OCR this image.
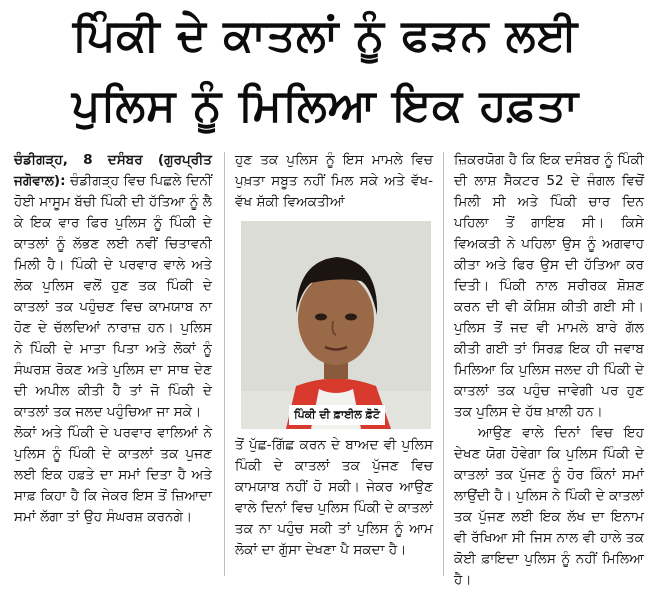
ਪਿੰਕੀ ਦੇ ਕਾਤਲਾਂ ਨੂੰ ਫੜਨ ਲਈ
ਪੁਲਿਸ ਨੂੰ ਮਿਲਿਆ ਇਕ ਹਫ਼ਤਾ

ਚੰਡੀਗੜ੍ਹ, 8 ਦਸੰਬਰ (ਗੁਰਪ੍ਰੀਤ ਜਗੋਵਾਲ): ਚੰਡੀਗੜ੍ਹ ਵਿਚ ਪਿਛਲੇ ਦਿਨੀਂ ਹੋਈ ਮਾਸੂਮ ਬੱਚੀ ਪਿੰਕੀ ਦੀ ਹੱਤਿਆ ਨੂੰ ਲੈ ਕੇ ਇਕ ਵਾਰ ਫਿਰ ਪੁਲਿਸ ਨੂੰ ਪਿੰਕੀ ਦੇ ਕਾਤਲਾਂ ਨੂੰ ਲੱਭਣ ਲਈ ਨਵੀਂ ਚਿਤਾਵਨੀ ਮਿਲੀ ਹੈ। ਪਿੰਕੀ ਦੇ ਪਰਵਾਰ ਵਾਲੇ ਅਤੇ ਲੋਕ ਪੁਲਿਸ ਵਲੋਂ ਹੁਣ ਤਕ ਪਿੰਕੀ ਦੇ ਕਾਤਲਾਂ ਤਕ ਪਹੁੰਚਣ ਵਿਚ ਕਾਮਯਾਬ ਨਾ ਹੋਣ ਦੇ ਚੱਲਦਿਆਂ ਨਾਰਾਜ਼ ਹਨ। ਪੁਲਿਸ ਨੇ ਪਿੰਕੀ ਦੇ ਮਾਤਾ ਪਿਤਾ ਅਤੇ ਲੋਕਾਂ ਨੂੰ ਸੰਘਰਸ਼ ਰੋਕਣ ਅਤੇ ਪੁਲਿਸ ਦਾ ਸਾਥ ਦੇਣ ਦੀ ਅਪੀਲ ਕੀਤੀ ਹੈ ਤਾਂ ਜੋ ਪਿੰਕੀ ਦੇ ਕਾਤਲਾਂ ਤਕ ਜਲਦ ਪਹੁੰਚਿਆ ਜਾ ਸਕੇ।

ਲੋਕਾਂ ਅਤੇ ਪਿੰਕੀ ਦੇ ਪਰਵਾਰ ਵਾਲਿਆਂ ਨੇ ਪੁਲਿਸ ਨੂੰ ਪਿੰਕੀ ਦੇ ਕਾਤਲਾਂ ਤਕ ਪੁਜਣ ਲਈ ਇਕ ਹਫ਼ਤੇ ਦਾ ਸਮਾਂ ਦਿਤਾ ਹੈ ਅਤੇ ਸਾਫ਼ ਕਿਹਾ ਹੈ ਕਿ ਜੇਕਰ ਇਸ ਤੋਂ ਜ਼ਿਆਦਾ ਸਮਾਂ ਲੱਗਾ ਤਾਂ ਉਹ ਸੰਘਰਸ਼ ਕਰਨਗੇ।

ਹੁਣ ਤਕ ਪੁਲਿਸ ਨੂੰ ਇਸ ਮਾਮਲੇ ਵਿਚ ਪੁਖ਼ਤਾ ਸਬੂਤ ਨਹੀਂ ਮਿਲ ਸਕੇ ਅਤੇ ਵੱਖ-ਵੱਖ ਸ਼ੱਕੀ ਵਿਅਕਤੀਆਂ

ਤੋਂ ਪੁੱਛ-ਗਿੱਛ ਕਰਨ ਦੇ ਬਾਅਦ ਵੀ ਪੁਲਿਸ ਪਿੰਕੀ ਦੇ ਕਾਤਲਾਂ ਤਕ ਪੁੱਜਣ ਵਿਚ ਕਾਮਯਾਬ ਨਹੀਂ ਹੋ ਸਕੀ। ਜੇਕਰ ਆਉਣ ਵਾਲੇ ਦਿਨਾਂ ਵਿਚ ਪੁਲਿਸ ਪਿੰਕੀ ਦੇ ਕਾਤਲਾਂ ਤਕ ਨਾ ਪਹੁੰਚ ਸਕੀ ਤਾਂ ਪੁਲਿਸ ਨੂੰ ਆਮ ਲੋਕਾਂ ਦਾ ਗੁੱਸਾ ਦੇਖਣਾ ਪੈ ਸਕਦਾ ਹੈ।

ਪਿੰਕੀ ਦੀ ਫ਼ਾਈਲ ਫ਼ੋਟੋ

ਜ਼ਿਕਰਯੋਗ ਹੈ ਕਿ ਇਕ ਦਸੰਬਰ ਨੂੰ ਪਿੰਕੀ ਦੀ ਲਾਸ਼ ਸੈਕਟਰ 52 ਦੇ ਜੰਗਲ ਵਿਚੋਂ ਮਿਲੀ ਸੀ ਅਤੇ ਪਿੰਕੀ ਚਾਰ ਦਿਨ ਪਹਿਲਾ ਤੋਂ ਗਾਇਬ ਸੀ। ਕਿਸੇ ਵਿਅਕਤੀ ਨੇ ਪਹਿਲਾ ਉਸ ਨੂੰ ਅਗਵਾਹ ਕੀਤਾ ਅਤੇ ਫਿਰ ਉਸ ਦੀ ਹੱਤਿਆ ਕਰ ਦਿਤੀ। ਪਿੰਕੀ ਨਾਲ ਸਰੀਰਕ ਸ਼ੋਸ਼ਣ ਕਰਨ ਦੀ ਵੀ ਕੋਸ਼ਿਸ਼ ਕੀਤੀ ਗਈ ਸੀ। ਪੁਲਿਸ ਤੋਂ ਜਦ ਵੀ ਮਾਮਲੇ ਬਾਰੇ ਗੱਲ ਕੀਤੀ ਗਈ ਤਾਂ ਸਿਰਫ਼ ਇਕ ਹੀ ਜਵਾਬ ਮਿਲਿਆ ਕਿ ਪੁਲਿਸ ਜਲਦ ਹੀ ਪਿੰਕੀ ਦੇ ਕਾਤਲਾਂ ਤਕ ਪਹੁੰਚ ਜਾਵੇਗੀ ਪਰ ਹੁਣ ਤਕ ਪੁਲਿਸ ਦੇ ਹੱਥ ਖ਼ਾਲੀ ਹਨ।

ਆਉਣ ਵਾਲੇ ਦਿਨਾਂ ਵਿਚ ਇਹ ਦੇਖਣ ਯੋਗ ਹੋਵੇਗਾ ਕਿ ਪੁਲਿਸ ਪਿੰਕੀ ਦੇ ਕਾਤਲਾਂ ਤਕ ਪੁੱਜਣ ਨੂੰ ਹੋਰ ਕਿੰਨਾਂ ਸਮਾਂ ਲਾਉਂਦੀ ਹੈ। ਪੁਲਿਸ ਨੇ ਪਿੰਕੀ ਦੇ ਕਾਤਲਾਂ ਤਕ ਪੁੱਜਣ ਲਈ ਇਕ ਲੱਖ ਦਾ ਇਨਾਮ ਵੀ ਰੱਖਿਆ ਸੀ ਜਿਸ ਨਾਲ ਵੀ ਹਾਲੇ ਤਕ ਕੋਈ ਫ਼ਾਇਦਾ ਪੁਲਿਸ ਨੂੰ ਨਹੀਂ ਮਿਲਿਆ ਹੈ।
